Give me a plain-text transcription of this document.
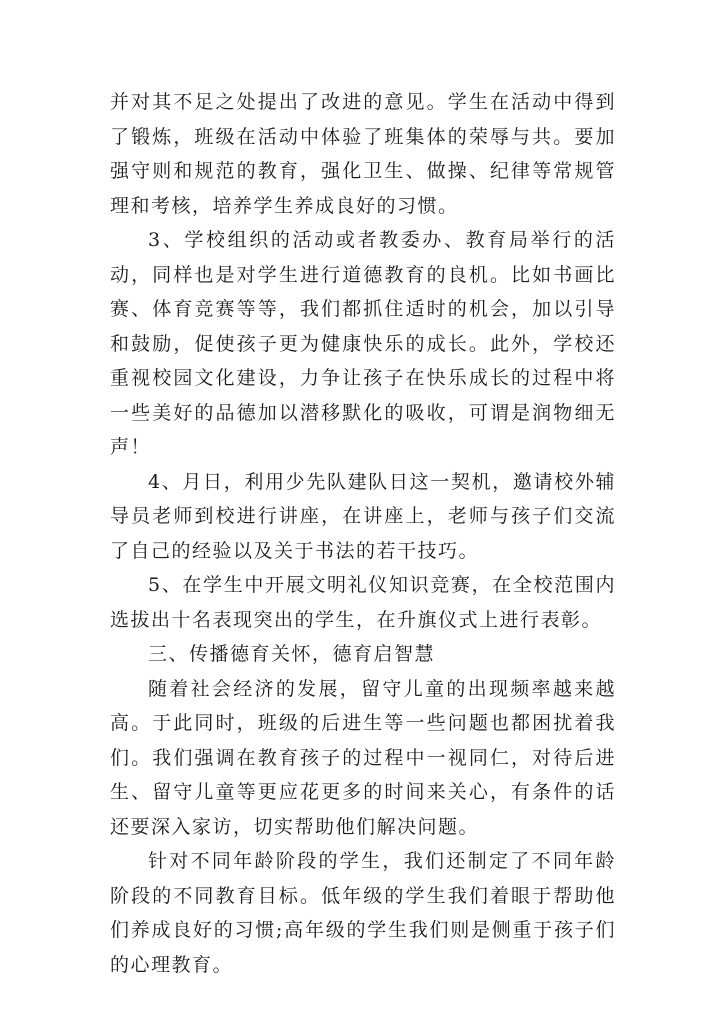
并对其不足之处提出了改进的意见。学生在活动中得到了锻炼，班级在活动中体验了班集体的荣辱与共。要加强守则和规范的教育，强化卫生、做操、纪律等常规管理和考核，培养学生养成良好的习惯。

3、学校组织的活动或者教委办、教育局举行的活动，同样也是对学生进行道德教育的良机。比如书画比赛、体育竞赛等等，我们都抓住适时的机会，加以引导和鼓励，促使孩子更为健康快乐的成长。此外，学校还重视校园文化建设，力争让孩子在快乐成长的过程中将一些美好的品德加以潜移默化的吸收，可谓是润物细无声！

4、月日，利用少先队建队日这一契机，邀请校外辅导员老师到校进行讲座，在讲座上，老师与孩子们交流了自己的经验以及关于书法的若干技巧。

5、在学生中开展文明礼仪知识竞赛，在全校范围内选拔出十名表现突出的学生，在升旗仪式上进行表彰。

三、传播德育关怀，德育启智慧

随着社会经济的发展，留守儿童的出现频率越来越高。于此同时，班级的后进生等一些问题也都困扰着我们。我们强调在教育孩子的过程中一视同仁，对待后进生、留守儿童等更应花更多的时间来关心，有条件的话还要深入家访，切实帮助他们解决问题。

针对不同年龄阶段的学生，我们还制定了不同年龄阶段的不同教育目标。低年级的学生我们着眼于帮助他们养成良好的习惯;高年级的学生我们则是侧重于孩子们的心理教育。
